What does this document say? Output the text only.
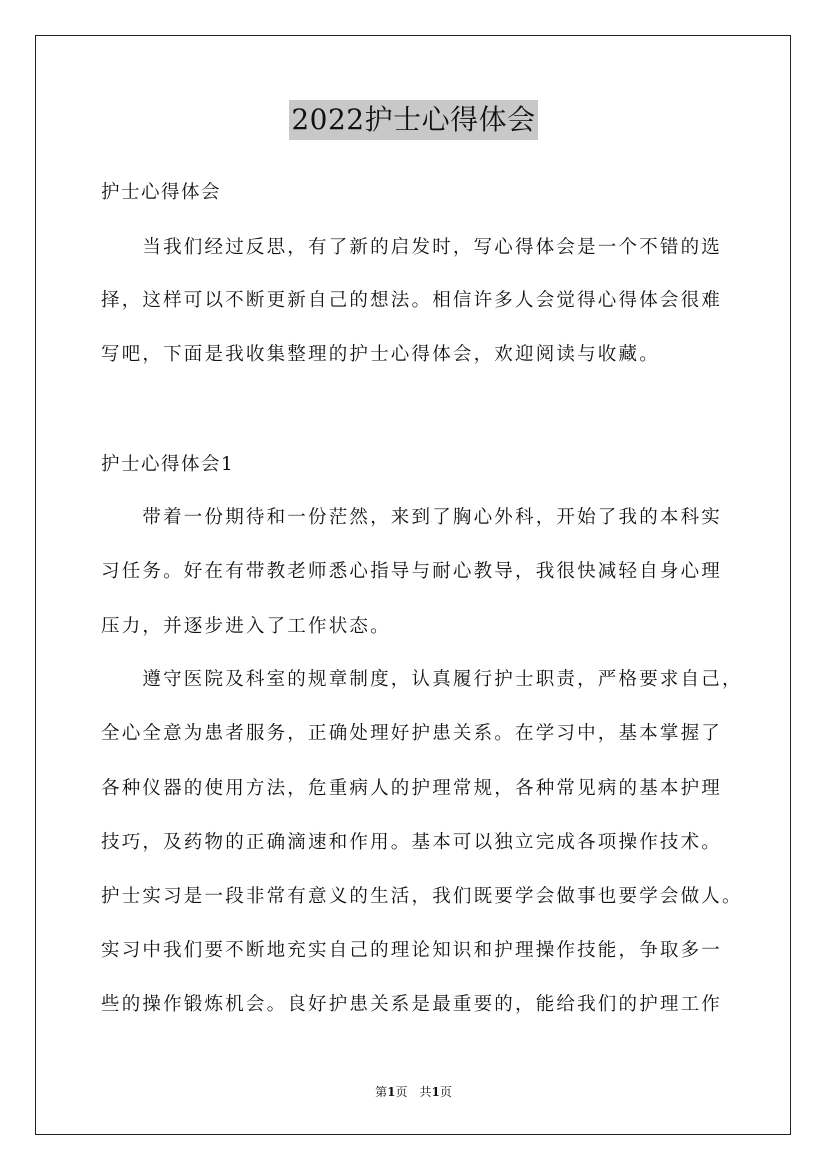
2022护士心得体会
护士心得体会
　　当我们经过反思，有了新的启发时，写心得体会是一个不错的选
择，这样可以不断更新自己的想法。相信许多人会觉得心得体会很难
写吧，下面是我收集整理的护士心得体会，欢迎阅读与收藏。
护士心得体会1
　　带着一份期待和一份茫然，来到了胸心外科，开始了我的本科实
习任务。好在有带教老师悉心指导与耐心教导，我很快减轻自身心理
压力，并逐步进入了工作状态。
　　遵守医院及科室的规章制度，认真履行护士职责，严格要求自己，
全心全意为患者服务，正确处理好护患关系。在学习中，基本掌握了
各种仪器的使用方法，危重病人的护理常规，各种常见病的基本护理
技巧，及药物的正确滴速和作用。基本可以独立完成各项操作技术。
护士实习是一段非常有意义的生活，我们既要学会做事也要学会做人。
实习中我们要不断地充实自己的理论知识和护理操作技能，争取多一
些的操作锻炼机会。良好护患关系是最重要的，能给我们的护理工作
第1页　共1页
